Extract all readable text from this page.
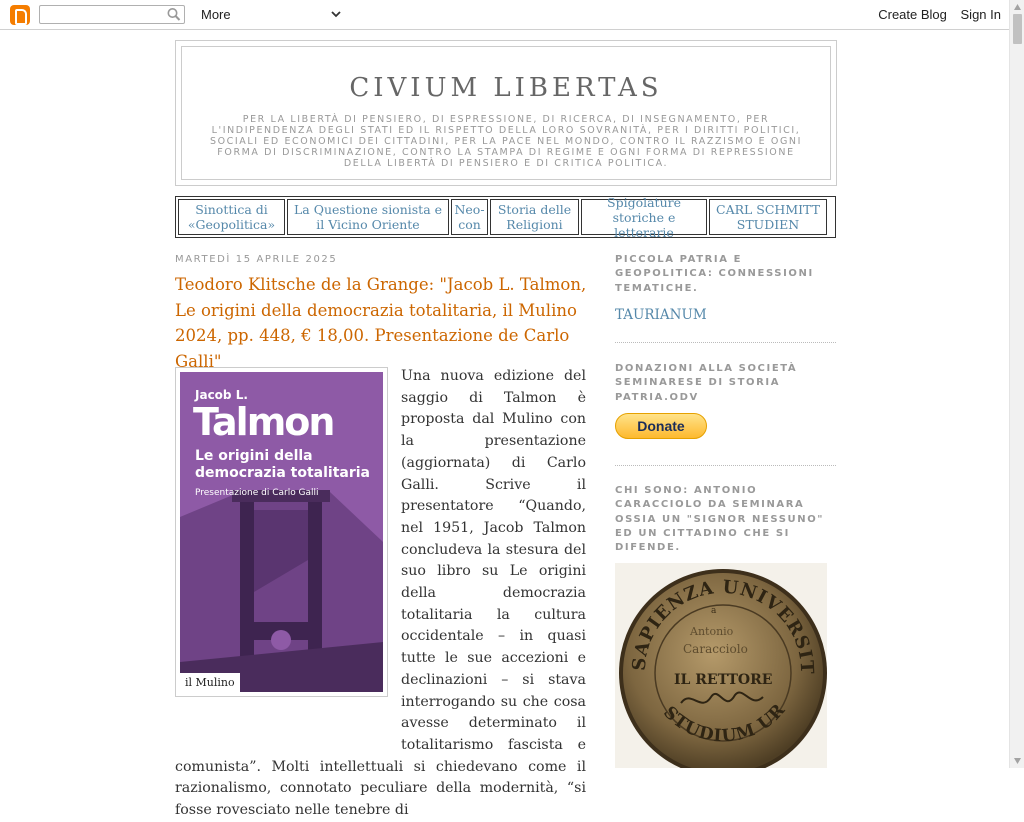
More	Create Blog Sign In
CIVIUM LIBERTAS
PER LA LIBERTÀ DI PENSIERO, DI ESPRESSIONE, DI RICERCA, DI INSEGNAMENTO, PER L'INDIPENDENZA DEGLI STATI ED IL RISPETTO DELLA LORO SOVRANITÀ, PER I DIRITTI POLITICI, SOCIALI ED ECONOMICI DEI CITTADINI, PER LA PACE NEL MONDO, CONTRO IL RAZZISMO E OGNI FORMA DI DISCRIMINAZIONE, CONTRO LA STAMPA DI REGIME E OGNI FORMA DI REPRESSIONE DELLA LIBERTÀ DI PENSIERO E DI CRITICA POLITICA.
Sinottica di «Geopolitica»
La Questione sionista e il Vicino Oriente
Neo-con
Storia delle Religioni
Spigolature storiche e letterarie
CARL SCHMITT STUDIEN
MARTEDÌ 15 APRILE 2025
Teodoro Klitsche de la Grange: "Jacob L. Talmon, Le origini della democrazia totalitaria, il Mulino 2024, pp. 448, € 18,00. Presentazione de Carlo Galli"
Jacob L.
Talmon
Le origini della democrazia totalitaria
Presentazione di Carlo Galli
il Mulino
Una nuova edizione del saggio di Talmon è proposta dal Mulino con la presentazione (aggiornata) di Carlo Galli. Scrive il presentatore “Quando, nel 1951, Jacob Talmon concludeva la stesura del suo libro su Le origini della democrazia totalitaria la cultura occidentale – in quasi tutte le sue accezioni e declinazioni – si stava interrogando su che cosa avesse determinato il totalitarismo fascista e comunista”. Molti intellettuali si chiedevano come il razionalismo, connotato peculiare della modernità, “si fosse rovesciato nelle tenebre di
PICCOLA PATRIA E GEOPOLITICA: CONNESSIONI TEMATICHE.
TAURIANUM
DONAZIONI ALLA SOCIETÀ SEMINARESE DI STORIA PATRIA.ODV
Donate
CHI SONO: ANTONIO CARACCIOLO DA SEMINARA OSSIA UN "SIGNOR NESSUNO" ED UN CITTADINO CHE SI DIFENDE.
SAPIENZA UNIVERSIT
STUDIUM UR
a
Antonio
Caracciolo
IL RETTORE
